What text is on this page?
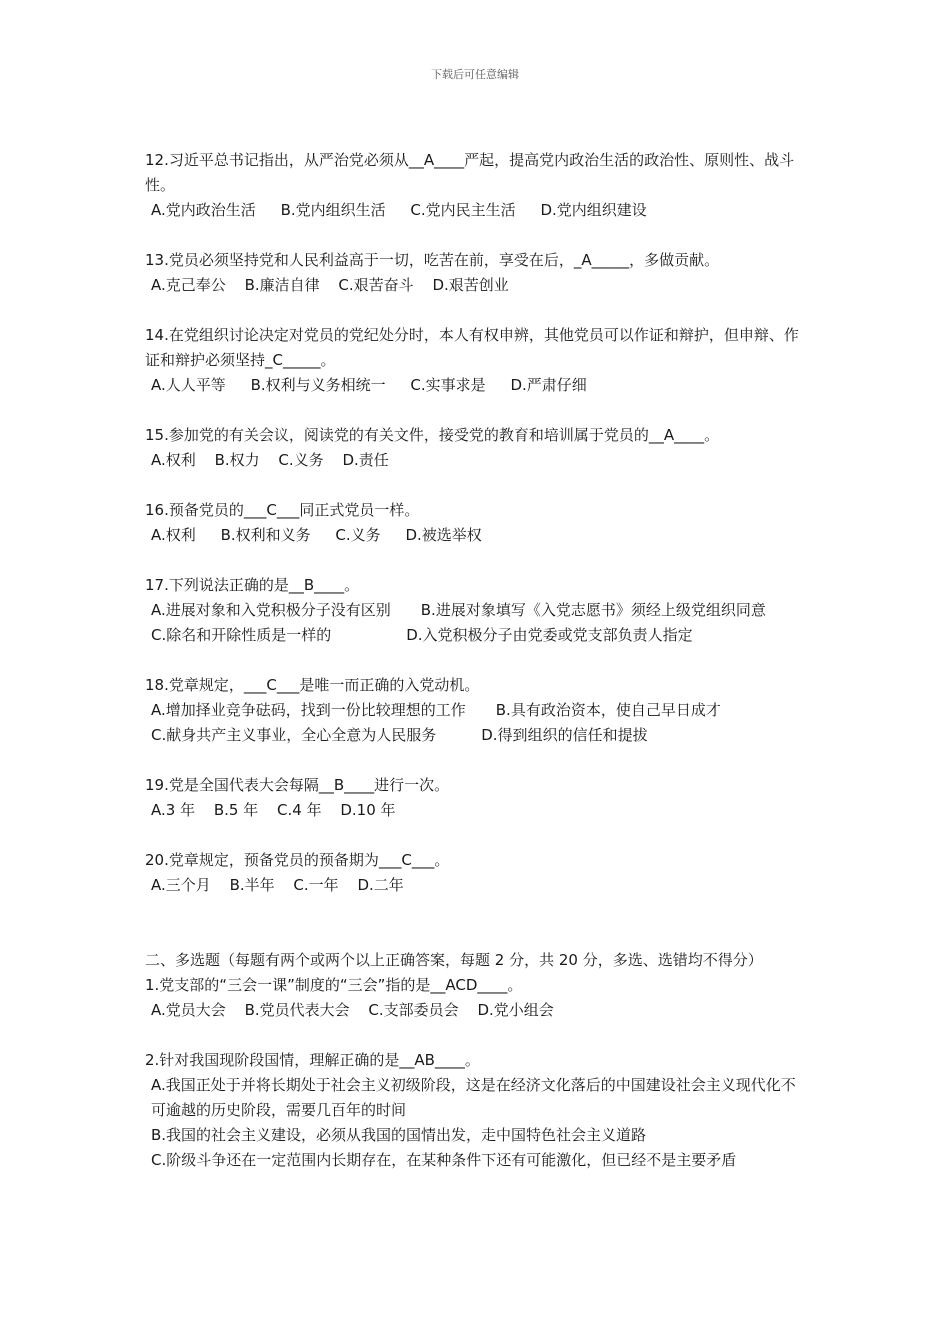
下载后可任意编辑

12.习近平总书记指出，从严治党必须从__A____严起，提高党内政治生活的政治性、原则性、战斗性。

A.党内政治生活 B.党内组织生活 C.党内民主生活 D.党内组织建设

13.党员必须坚持党和人民利益高于一切，吃苦在前，享受在后，_A_____，多做贡献。

A.克己奉公 B.廉洁自律 C.艰苦奋斗 D.艰苦创业

14.在党组织讨论决定对党员的党纪处分时，本人有权申辨，其他党员可以作证和辩护，但申辩、作证和辩护必须坚持_C_____。

A.人人平等 B.权利与义务相统一 C.实事求是 D.严肃仔细

15.参加党的有关会议，阅读党的有关文件，接受党的教育和培训属于党员的__A____。

A.权利 B.权力 C.义务 D.责任

16.预备党员的___C___同正式党员一样。

A.权利 B.权利和义务 C.义务 D.被选举权

17.下列说法正确的是__B____。

A.进展对象和入党积极分子没有区别　　B.进展对象填写《入党志愿书》须经上级党组织同意

C.除名和开除性质是一样的　　　　　D.入党积极分子由党委或党支部负责人指定

18.党章规定，___C___是唯一而正确的入党动机。

A.增加择业竞争砝码，找到一份比较理想的工作　　B.具有政治资本，使自己早日成才

C.献身共产主义事业，全心全意为人民服务　　　D.得到组织的信任和提拔

19.党是全国代表大会每隔__B____进行一次。

A.3 年 B.5 年 C.4 年 D.10 年

20.党章规定，预备党员的预备期为___C___。

A.三个月 B.半年 C.一年 D.二年

二、多选题（每题有两个或两个以上正确答案，每题 2 分，共 20 分，多选、选错均不得分）

1.党支部的“三会一课”制度的“三会”指的是__ACD____。

A.党员大会 B.党员代表大会 C.支部委员会 D.党小组会

2.针对我国现阶段国情，理解正确的是__AB____。

A.我国正处于并将长期处于社会主义初级阶段，这是在经济文化落后的中国建设社会主义现代化不可逾越的历史阶段，需要几百年的时间

B.我国的社会主义建设，必须从我国的国情出发，走中国特色社会主义道路

C.阶级斗争还在一定范围内长期存在，在某种条件下还有可能激化，但已经不是主要矛盾
